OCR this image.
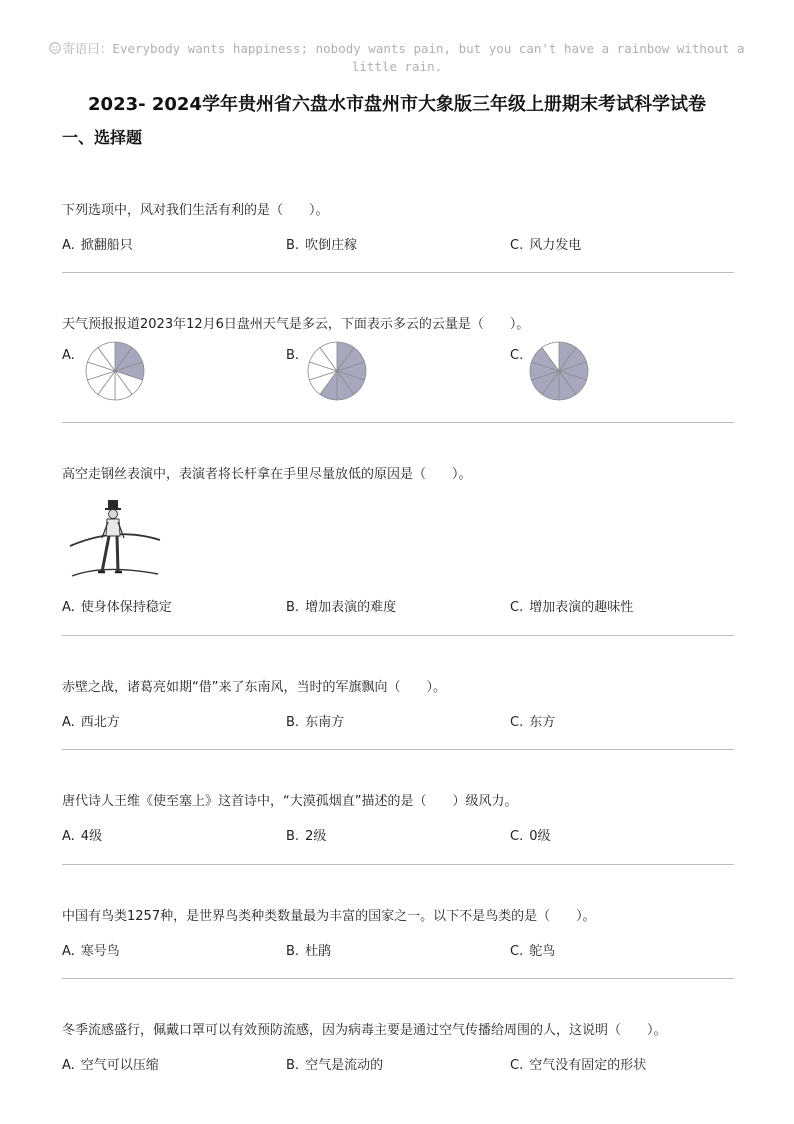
寄语曰：Everybody wants happiness; nobody wants pain, but you can't have a rainbow without a
little rain.
2023- 2024学年贵州省六盘水市盘州市大象版三年级上册期末考试科学试卷
一、选择题
下列选项中，风对我们生活有利的是（　　）。
A. 掀翻船只	B. 吹倒庄稼	C. 风力发电
天气预报报道2023年12月6日盘州天气是多云，下面表示多云的云量是（　　）。
A.	B.	C.
高空走钢丝表演中，表演者将长杆拿在手里尽量放低的原因是（　　）。
A. 使身体保持稳定	B. 增加表演的难度	C. 增加表演的趣味性
赤壁之战，诸葛亮如期“借”来了东南风，当时的军旗飘向（　　）。
A. 西北方	B. 东南方	C. 东方
唐代诗人王维《使至塞上》这首诗中，“大漠孤烟直”描述的是（　　）级风力。
A. 4级	B. 2级	C. 0级
中国有鸟类1257种，是世界鸟类种类数量最为丰富的国家之一。以下不是鸟类的是（　　）。
A. 寒号鸟	B. 杜鹃	C. 鸵鸟
冬季流感盛行，佩戴口罩可以有效预防流感，因为病毒主要是通过空气传播给周围的人，这说明（　　）。
A. 空气可以压缩	B. 空气是流动的	C. 空气没有固定的形状
